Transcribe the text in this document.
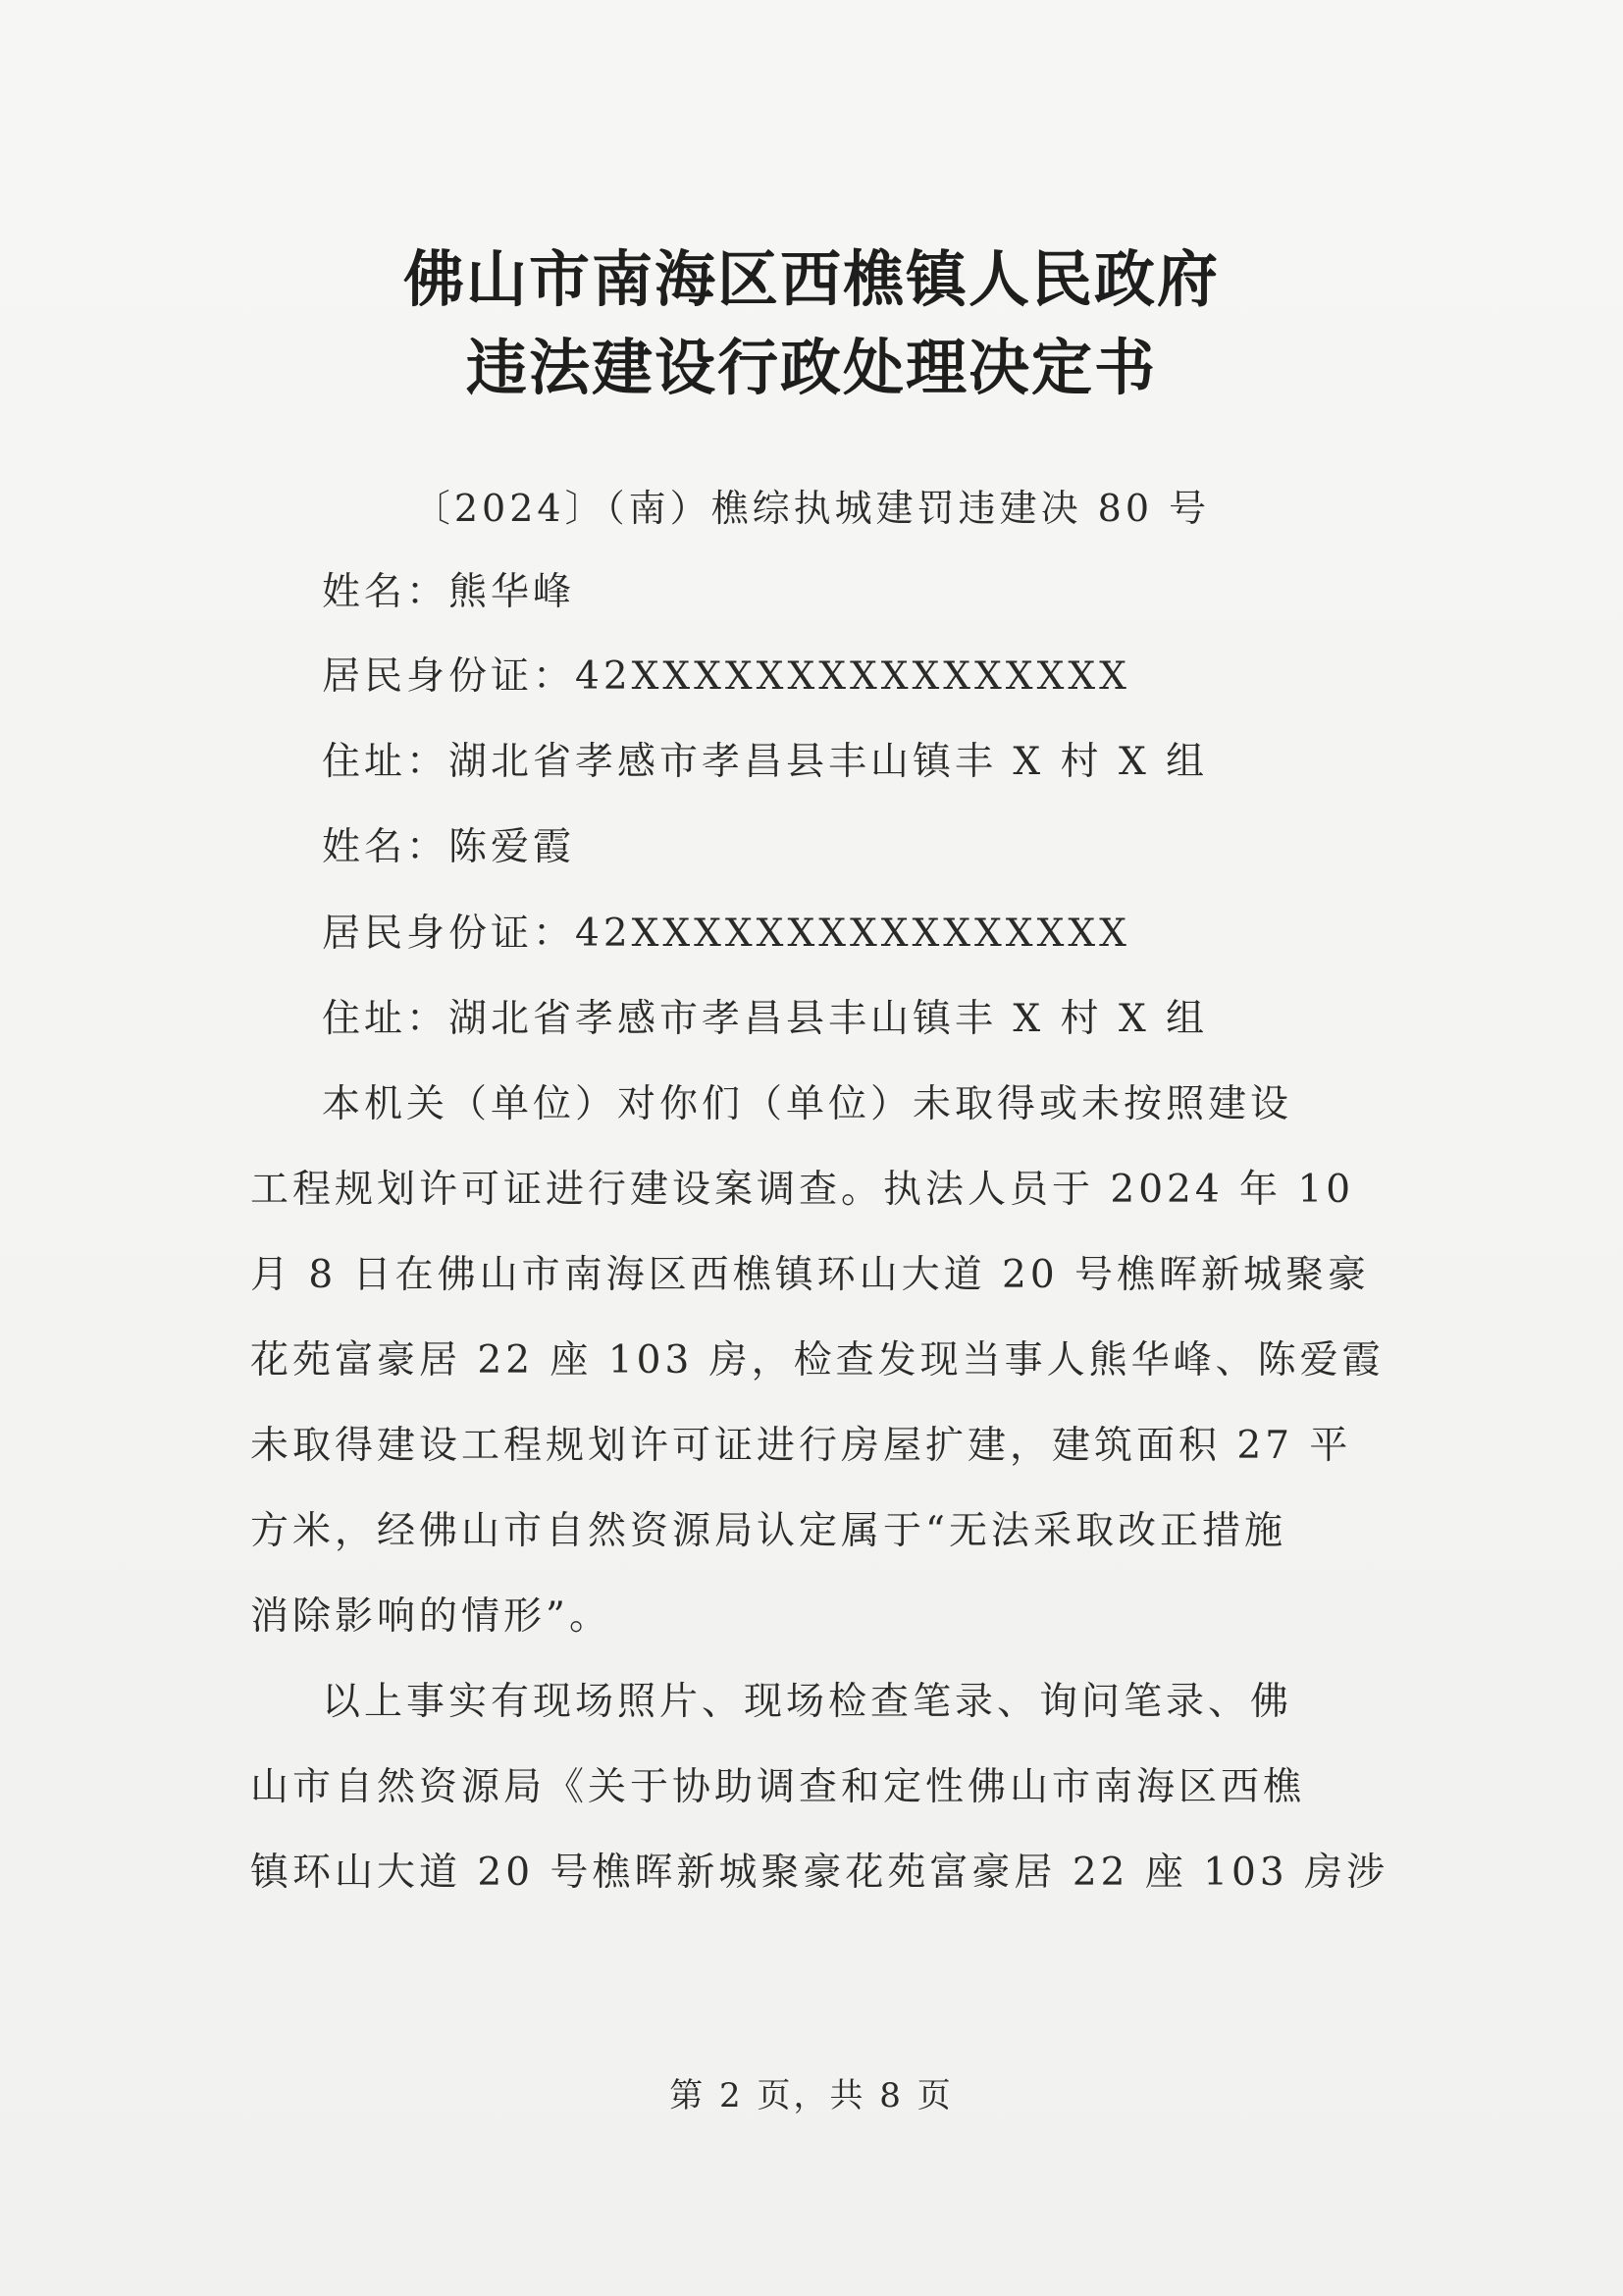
佛山市南海区西樵镇人民政府
违法建设行政处理决定书
〔2024〕（南）樵综执城建罚违建决 80 号
姓名：熊华峰
居民身份证：42XXXXXXXXXXXXXXXX
住址：湖北省孝感市孝昌县丰山镇丰 X 村 X 组
姓名：陈爱霞
居民身份证：42XXXXXXXXXXXXXXXX
住址：湖北省孝感市孝昌县丰山镇丰 X 村 X 组
本机关（单位）对你们（单位）未取得或未按照建设
工程规划许可证进行建设案调查。执法人员于 2024 年 10
月 8 日在佛山市南海区西樵镇环山大道 20 号樵晖新城聚豪
花苑富豪居 22 座 103 房，检查发现当事人熊华峰、陈爱霞
未取得建设工程规划许可证进行房屋扩建，建筑面积 27 平
方米，经佛山市自然资源局认定属于“无法采取改正措施
消除影响的情形”。
以上事实有现场照片、现场检查笔录、询问笔录、佛
山市自然资源局《关于协助调查和定性佛山市南海区西樵
镇环山大道 20 号樵晖新城聚豪花苑富豪居 22 座 103 房涉
第 2 页，共 8 页
